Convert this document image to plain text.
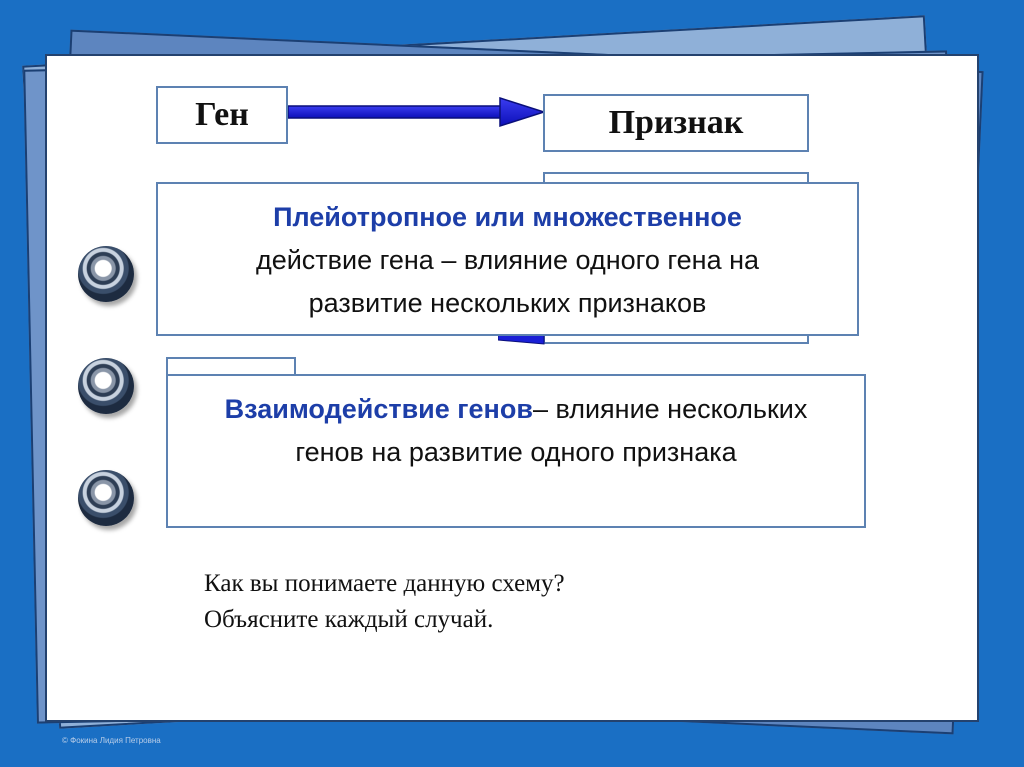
Ген	Признак
Плейотропное или множественное
действие гена – влияние одного гена на
развитие нескольких признаков
Взаимодействие генов– влияние нескольких
генов на развитие одного признака
Как вы понимаете данную схему?
Объясните каждый случай.
© Фокина Лидия Петровна
